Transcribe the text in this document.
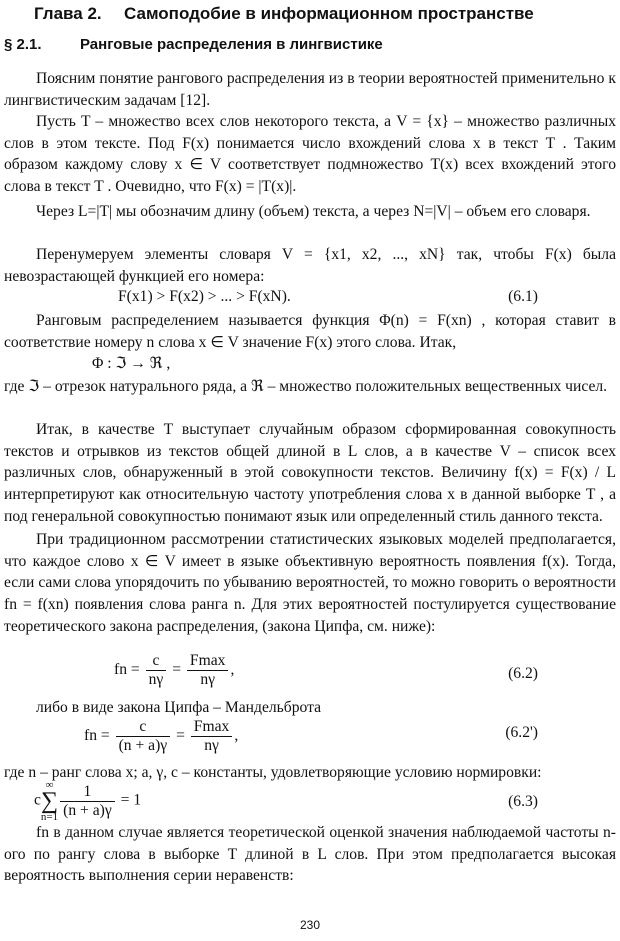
Глава 2. Самоподобие в информационном пространстве
§ 2.1.	Ранговые распределения в лингвистике
Поясним понятие рангового распределения из в теории вероятностей применительно к лингвистическим задачам [12].
Пусть T – множество всех слов некоторого текста, а V = {x} – множество различных слов в этом тексте. Под F(x) понимается число вхождений слова x в текст T . Таким образом каждому слову x ∈ V соответствует подмножество T(x) всех вхождений этого слова в текст T . Очевидно, что F(x) = |T(x)|.
Через L=|T| мы обозначим длину (объем) текста, а через N=|V| – объем его словаря.
Перенумеруем элементы словаря V = {x1, x2, ..., xN} так, чтобы F(x) была невозрастающей функцией его номера:
F(x1) > F(x2) > ... > F(xN).	(6.1)
Ранговым распределением называется функция Φ(n) = F(xn) , которая ставит в соответствие номеру n слова x ∈ V значение F(x) этого слова. Итак,
Φ : ℑ → ℜ ,
где ℑ – отрезок натурального ряда, а ℜ – множество положительных вещественных чисел.
Итак, в качестве T выступает случайным образом сформированная совокупность текстов и отрывков из текстов общей длиной в L слов, а в качестве V – список всех различных слов, обнаруженный в этой совокупности текстов. Величину f(x) = F(x) / L интерпретируют как относительную частоту употребления слова x в данной выборке T , а под генеральной совокупностью понимают язык или определенный стиль данного текста.
При традиционном рассмотрении статистических языковых моделей предполагается, что каждое слово x ∈ V имеет в языке объективную вероятность появления f(x). Тогда, если сами слова упорядочить по убыванию вероятностей, то можно говорить о вероятности fn = f(xn) появления слова ранга n. Для этих вероятностей постулируется существование теоретического закона распределения, (закона Ципфа, см. ниже):
fn = $\frac{c}{n\gamma} = \frac{Fmax}{n\gamma}$ ,	(6.2)
либо в виде закона Ципфа – Мандельброта
fn = $\frac{c}{(n + a)\gamma} = \frac{Fmax}{n\gamma}$ ,	(6.2')
где n – ранг слова x; a, γ, c – константы, удовлетворяющие условию нормировки:
c∞
∑
$n=1 \frac{1}{(n + a)\gamma} = 1$	(6.3)
fn в данном случае является теоретической оценкой значения наблюдаемой частоты n-ого по рангу слова в выборке T длиной в L слов. При этом предполагается высокая вероятность выполнения серии неравенств:
230
